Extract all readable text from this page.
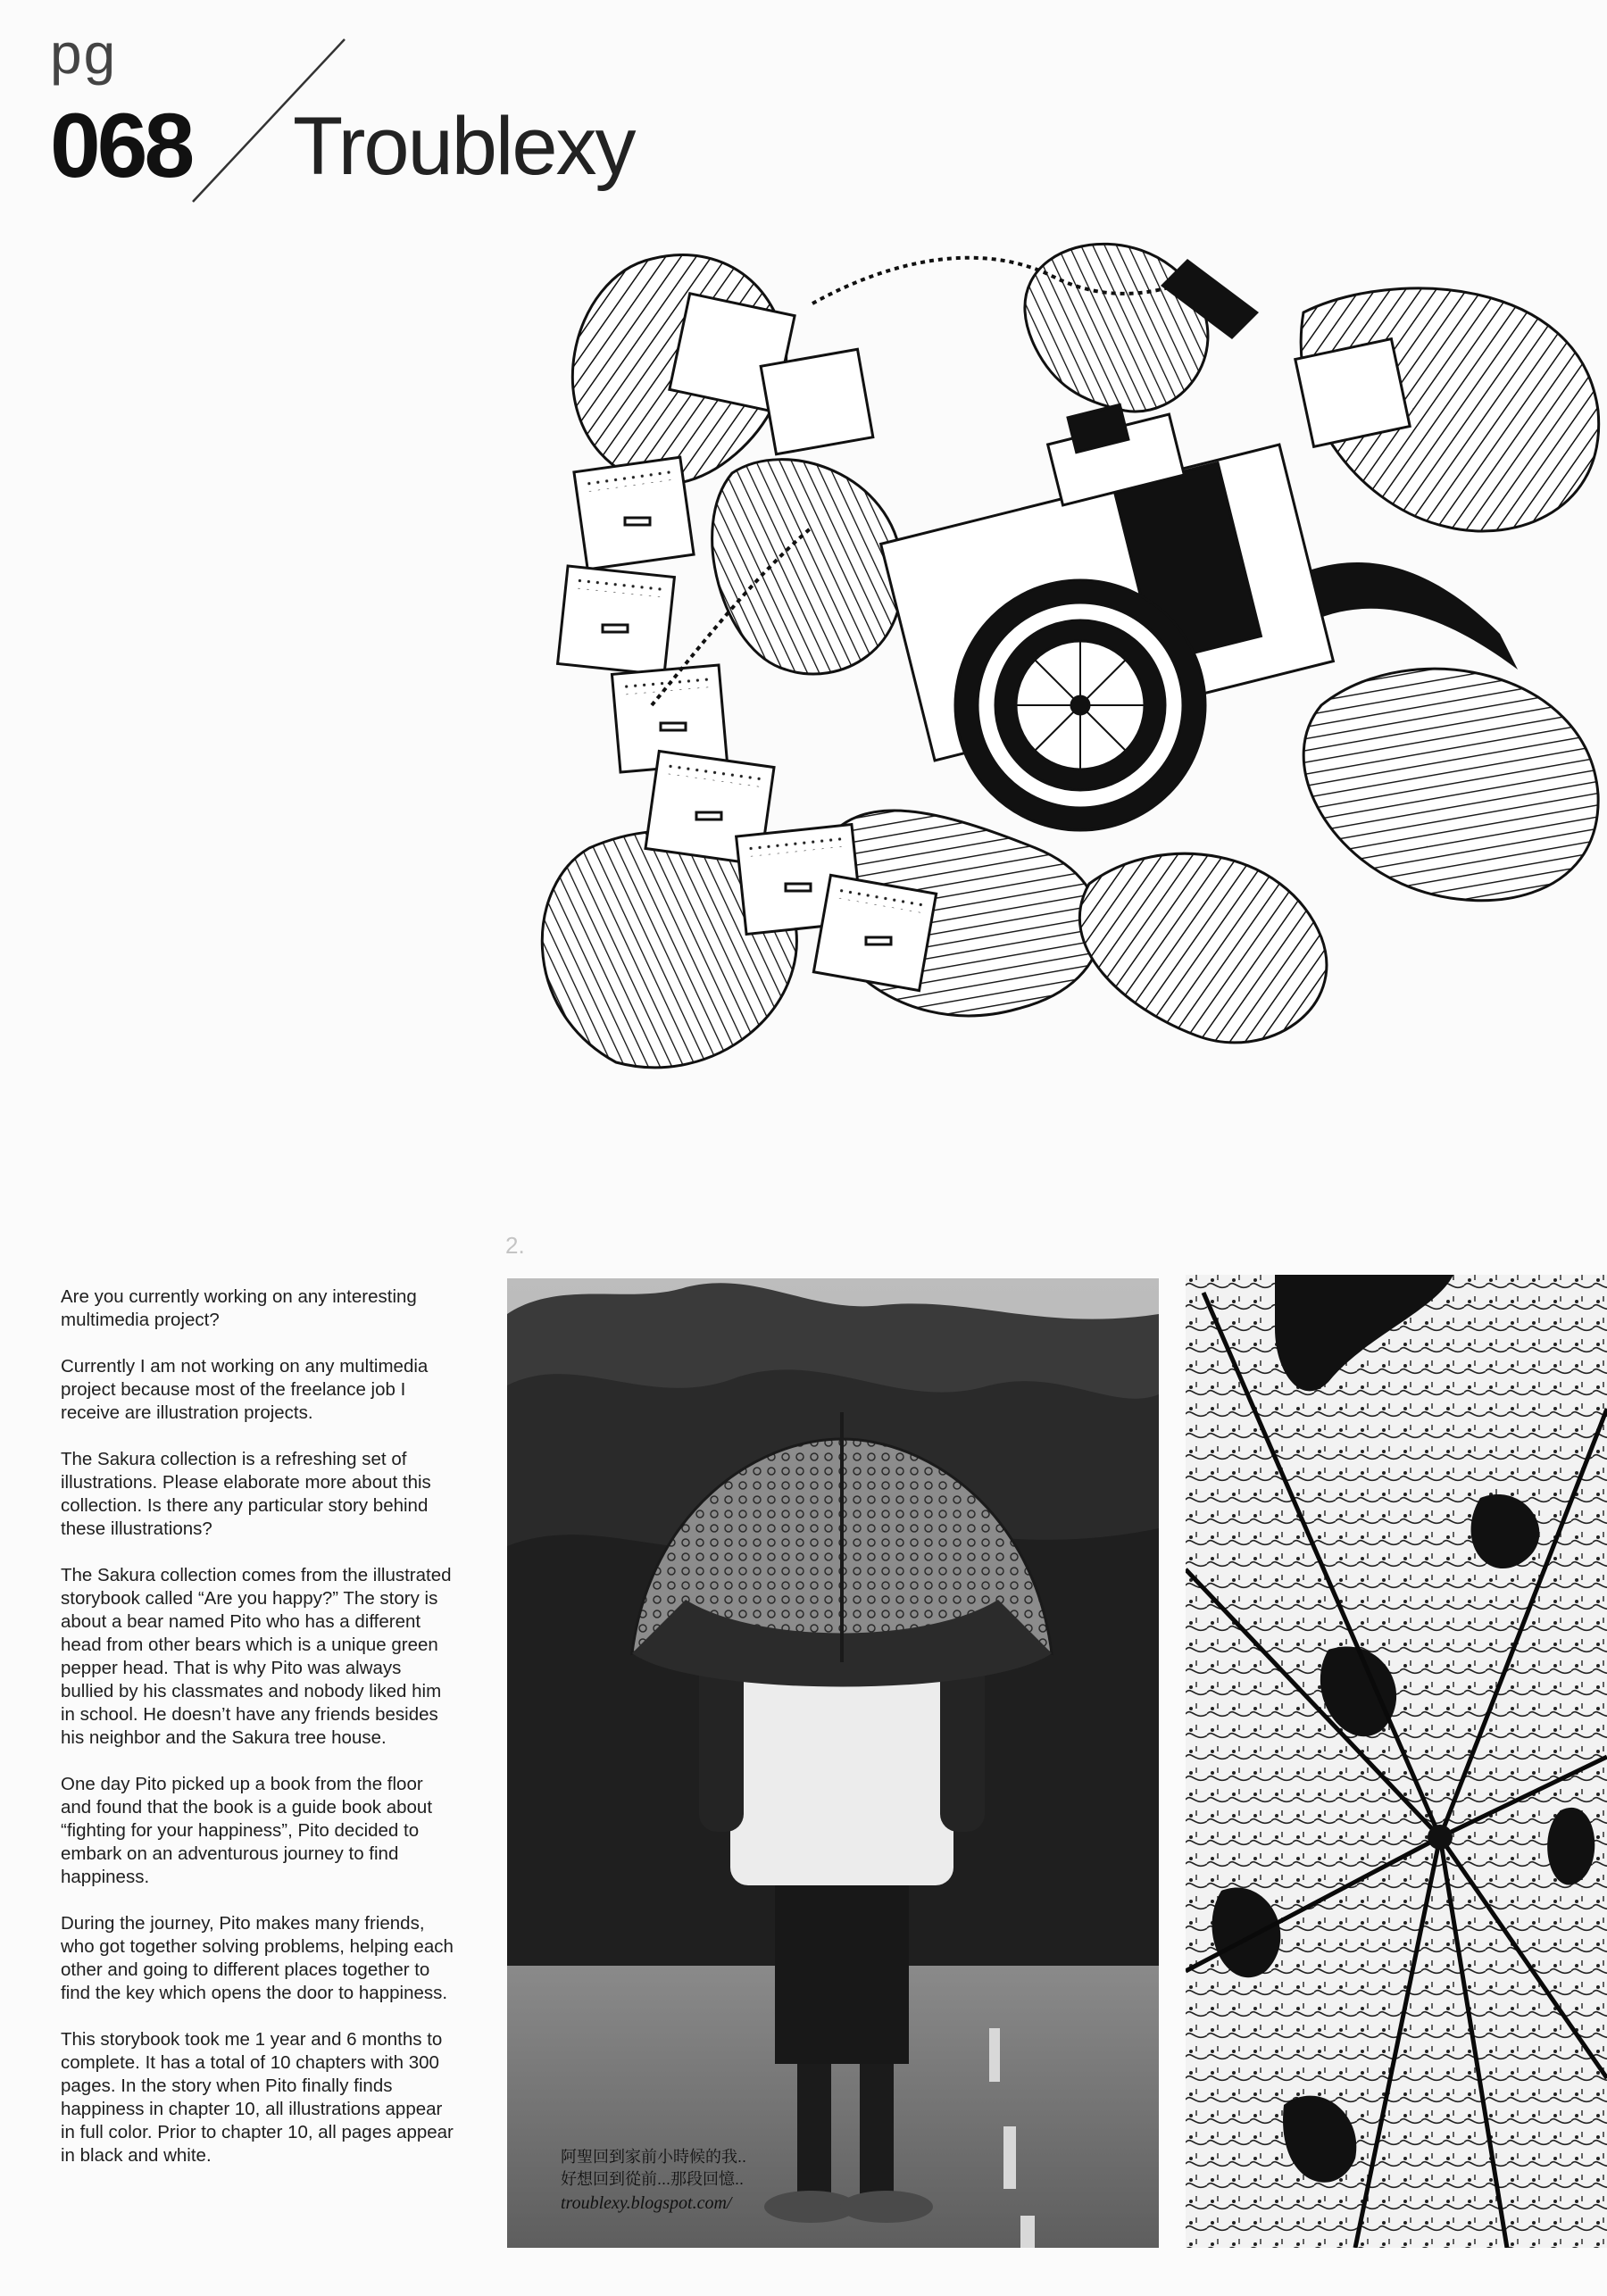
pg
068 Troublexy
2.

Are you currently working on any interesting multimedia project?

Currently I am not working on any multimedia project because most of the freelance job I receive are illustration projects.

The Sakura collection is a refreshing set of illustrations. Please elaborate more about this collection. Is there any particular story behind these illustrations?

The Sakura collection comes from the illustrated storybook called “Are you happy?” The story is about a bear named Pito who has a different head from other bears which is a unique green pepper head. That is why Pito was always bullied by his classmates and nobody liked him in school. He doesn’t have any friends besides his neighbor and the Sakura tree house.

One day Pito picked up a book from the floor and found that the book is a guide book about “fighting for your happiness”, Pito decided to embark on an adventurous journey to find happiness.

During the journey, Pito makes many friends, who got together solving problems, helping each other and going to different places together to find the key which opens the door to happiness.

This storybook took me 1 year and 6 months to complete. It has a total of 10 chapters with 300 pages. In the story when Pito finally finds happiness in chapter 10, all illustrations appear in full color. Prior to chapter 10, all pages appear in black and white.	阿聖回到家前小時候的我..
好想回到從前...那段回憶..
troublexy.blogspot.com/
